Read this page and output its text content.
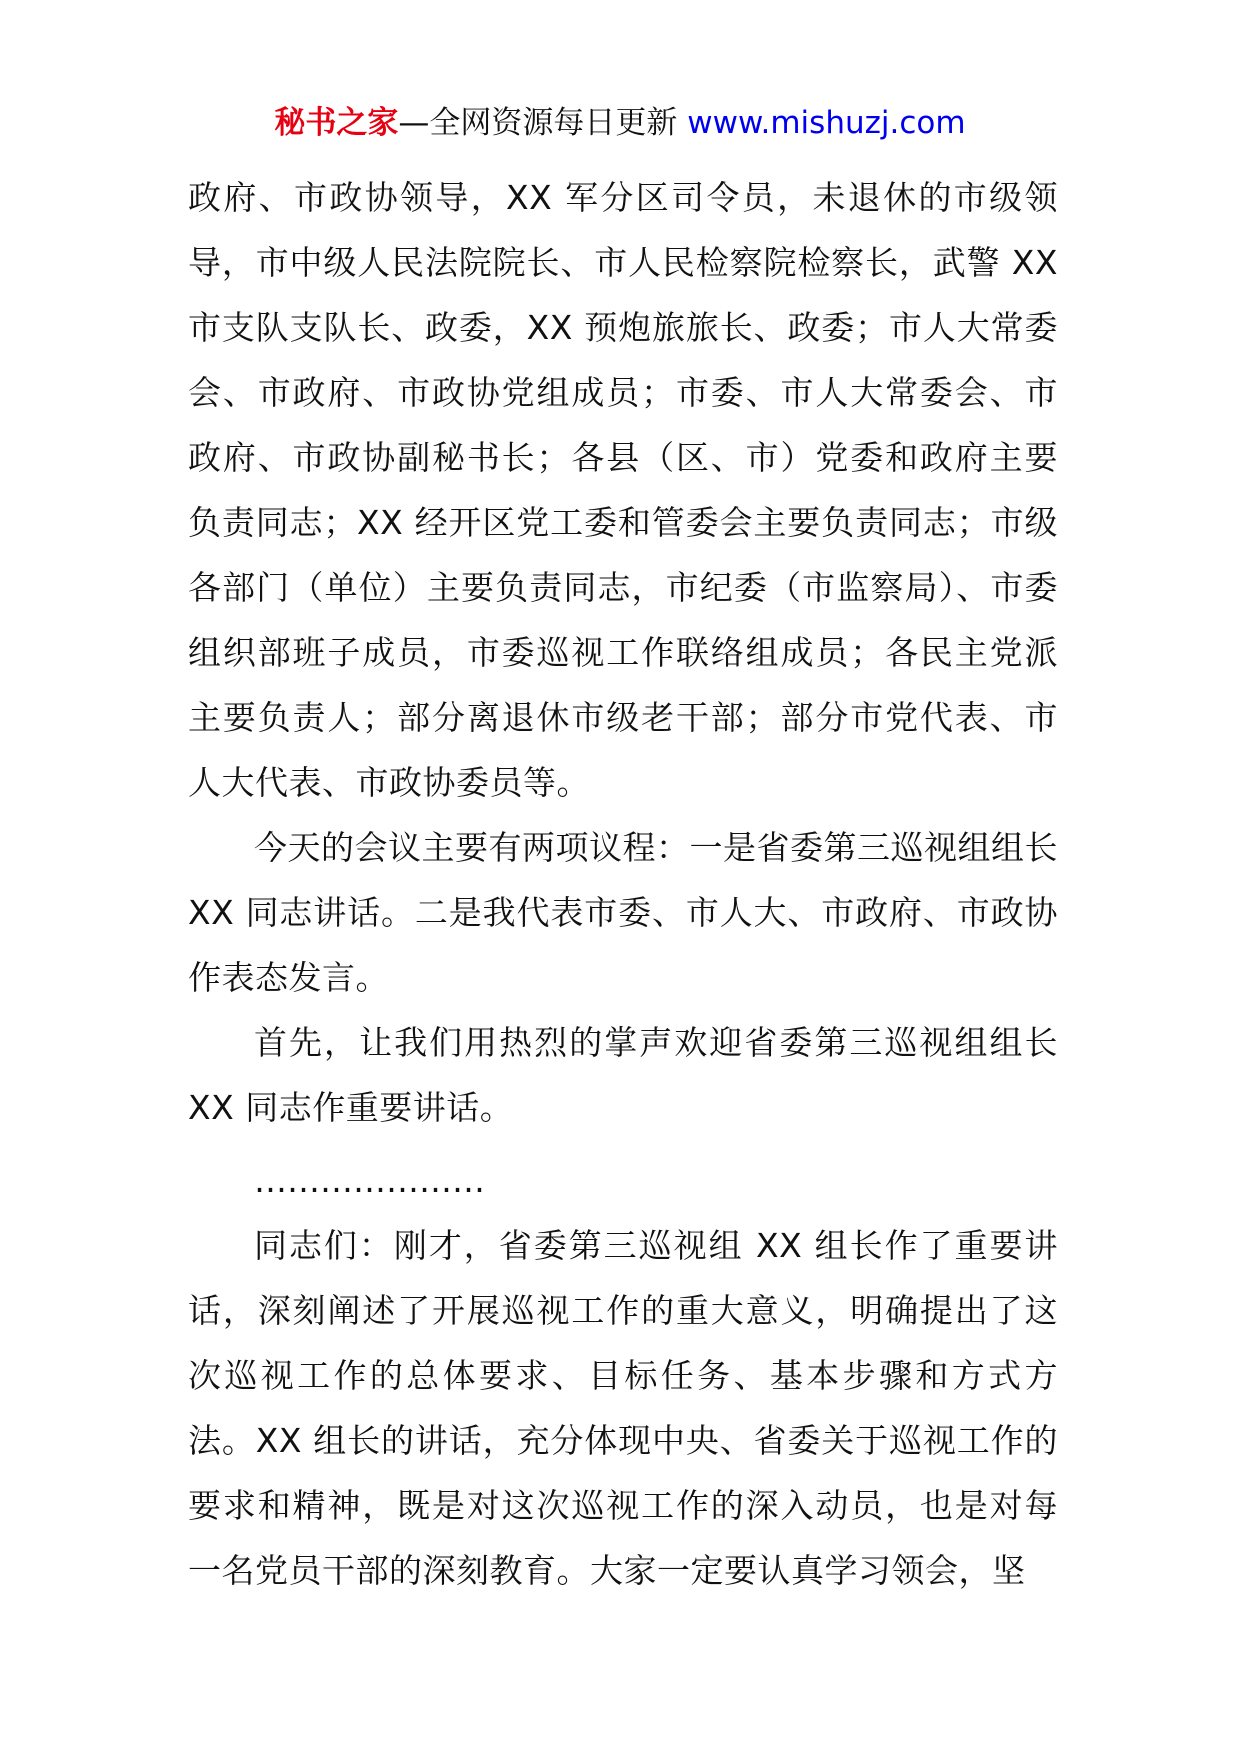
秘书之家—全网资源每日更新 www.mishuzj.com

政府、市政协领导，XX 军分区司令员，未退休的市级领导，市中级人民法院院长、市人民检察院检察长，武警 XX 市支队支队长、政委，XX 预炮旅旅长、政委；市人大常委会、市政府、市政协党组成员；市委、市人大常委会、市政府、市政协副秘书长；各县（区、市）党委和政府主要负责同志；XX 经开区党工委和管委会主要负责同志；市级各部门（单位）主要负责同志，市纪委（市监察局）、市委组织部班子成员，市委巡视工作联络组成员；各民主党派主要负责人；部分离退休市级老干部；部分市党代表、市人大代表、市政协委员等。

今天的会议主要有两项议程：一是省委第三巡视组组长 XX 同志讲话。二是我代表市委、市人大、市政府、市政协作表态发言。

首先，让我们用热烈的掌声欢迎省委第三巡视组组长 XX 同志作重要讲话。

…………………

同志们：刚才，省委第三巡视组 XX 组长作了重要讲话，深刻阐述了开展巡视工作的重大意义，明确提出了这次巡视工作的总体要求、目标任务、基本步骤和方式方法。XX 组长的讲话，充分体现中央、省委关于巡视工作的要求和精神，既是对这次巡视工作的深入动员，也是对每一名党员干部的深刻教育。大家一定要认真学习领会，坚
